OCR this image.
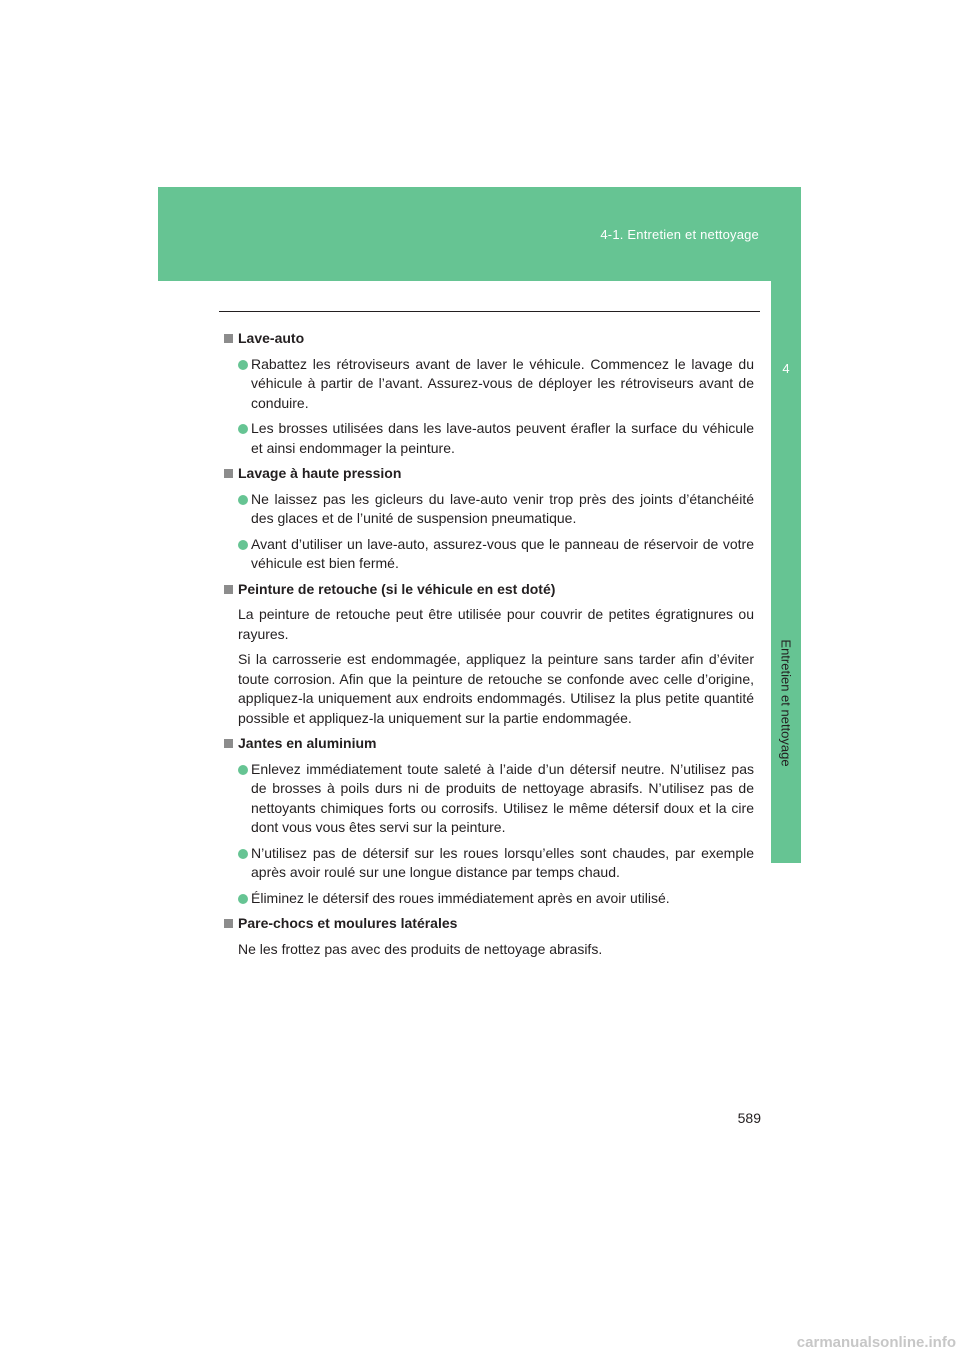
4-1. Entretien et nettoyage
4
Entretien et nettoyage
Lave-auto
Rabattez les rétroviseurs avant de laver le véhicule. Commencez le lavage du véhicule à partir de l’avant. Assurez-vous de déployer les rétroviseurs avant de conduire.
Les brosses utilisées dans les lave-autos peuvent érafler la surface du véhicule et ainsi endommager la peinture.
Lavage à haute pression
Ne laissez pas les gicleurs du lave-auto venir trop près des joints d’étanchéité des glaces et de l’unité de suspension pneumatique.
Avant d’utiliser un lave-auto, assurez-vous que le panneau de réservoir de votre véhicule est bien fermé.
Peinture de retouche (si le véhicule en est doté)
La peinture de retouche peut être utilisée pour couvrir de petites égratignures ou rayures.
Si la carrosserie est endommagée, appliquez la peinture sans tarder afin d’éviter toute corrosion. Afin que la peinture de retouche se confonde avec celle d’origine, appliquez-la uniquement aux endroits endommagés. Utilisez la plus petite quantité possible et appliquez-la uniquement sur la partie endommagée.
Jantes en aluminium
Enlevez immédiatement toute saleté à l’aide d’un détersif neutre. N’utilisez pas de brosses à poils durs ni de produits de nettoyage abrasifs. N’utilisez pas de nettoyants chimiques forts ou corrosifs. Utilisez le même détersif doux et la cire dont vous vous êtes servi sur la peinture.
N’utilisez pas de détersif sur les roues lorsqu’elles sont chaudes, par exemple après avoir roulé sur une longue distance par temps chaud.
Éliminez le détersif des roues immédiatement après en avoir utilisé.
Pare-chocs et moulures latérales
Ne les frottez pas avec des produits de nettoyage abrasifs.
589
carmanualsonline.info
